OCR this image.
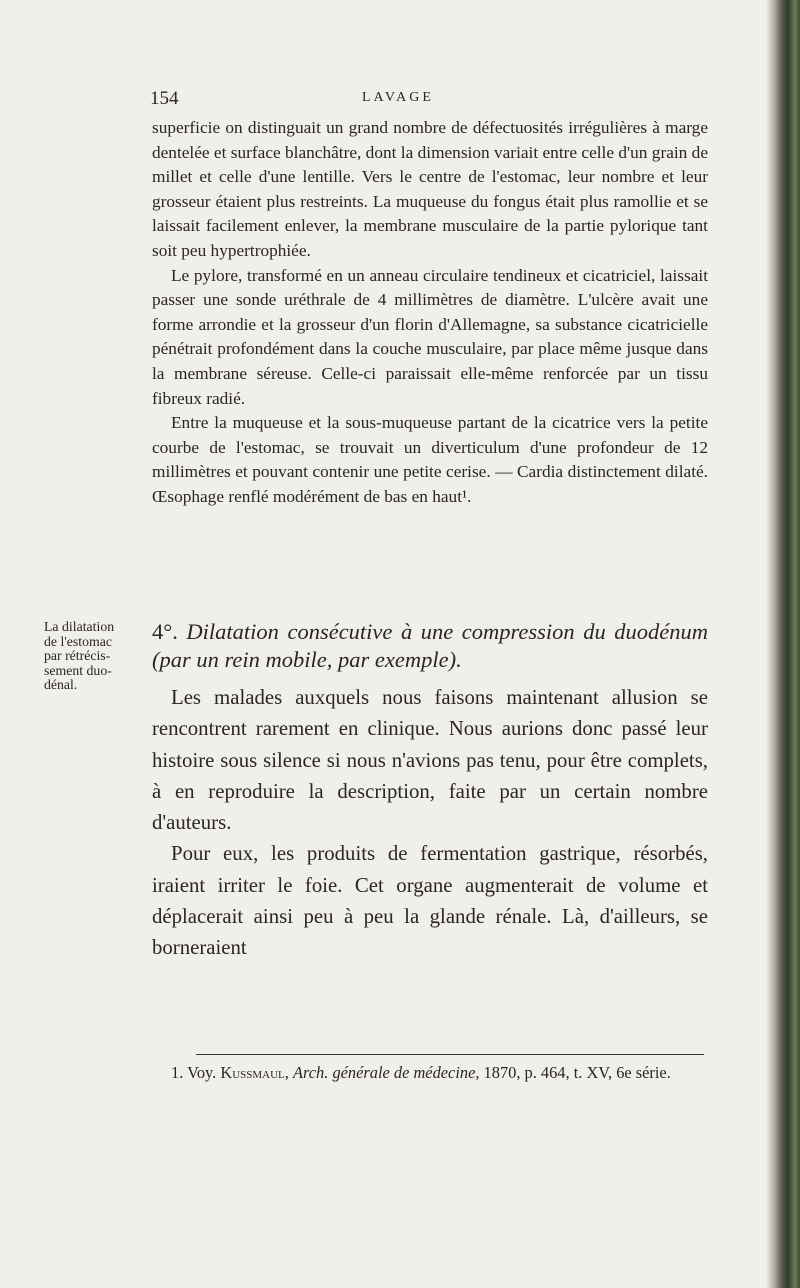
154	LAVAGE

superficie on distinguait un grand nombre de défectuosités irrégulières à marge dentelée et surface blanchâtre, dont la dimension variait entre celle d'un grain de millet et celle d'une lentille. Vers le centre de l'estomac, leur nombre et leur grosseur étaient plus restreints. La muqueuse du fongus était plus ramollie et se laissait facilement enlever, la membrane musculaire de la partie pylorique tant soit peu hypertrophiée.

Le pylore, transformé en un anneau circulaire tendineux et cicatriciel, laissait passer une sonde uréthrale de 4 millimètres de diamètre. L'ulcère avait une forme arrondie et la grosseur d'un florin d'Allemagne, sa substance cicatricielle pénétrait profondément dans la couche musculaire, par place même jusque dans la membrane séreuse. Celle-ci paraissait elle-même renforcée par un tissu fibreux radié.

Entre la muqueuse et la sous-muqueuse partant de la cicatrice vers la petite courbe de l'estomac, se trouvait un diverticulum d'une profondeur de 12 millimètres et pouvant contenir une petite cerise. — Cardia distinctement dilaté. Œsophage renflé modérément de bas en haut¹.

La dilatation
de l'estomac
par rétrécis-
sement duo-
dénal.

4°. Dilatation consécutive à une compression du duodénum (par un rein mobile, par exemple).

Les malades auxquels nous faisons maintenant allusion se rencontrent rarement en clinique. Nous aurions donc passé leur histoire sous silence si nous n'avions pas tenu, pour être complets, à en reproduire la description, faite par un certain nombre d'auteurs.

Pour eux, les produits de fermentation gastrique, résorbés, iraient irriter le foie. Cet organe augmenterait de volume et déplacerait ainsi peu à peu la glande rénale. Là, d'ailleurs, se borneraient

1. Voy. Kussmaul, Arch. générale de médecine, 1870, p. 464, t. XV, 6e série.
